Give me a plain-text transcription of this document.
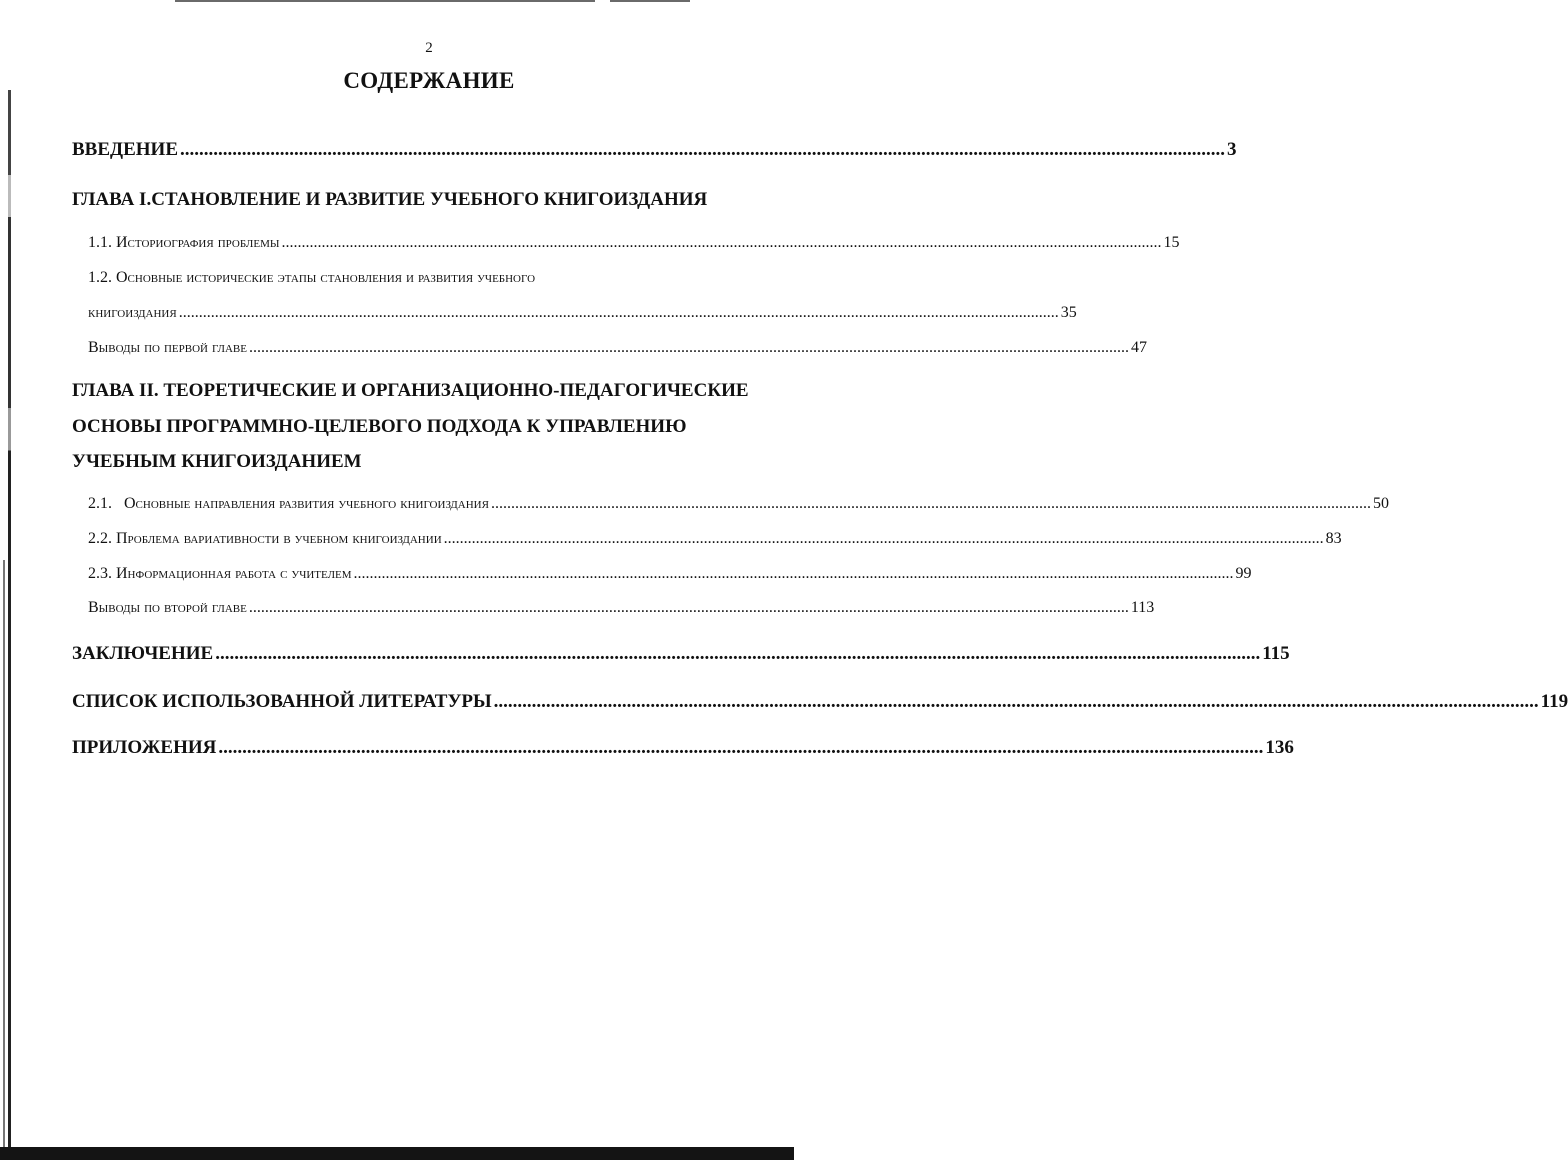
2
СОДЕРЖАНИЕ
ВВЕДЕНИЕ ............................................................................................................................................................................................................................ 3
ГЛАВА I.СТАНОВЛЕНИЕ И РАЗВИТИЕ УЧЕБНОГО КНИГОИЗДАНИЯ
1.1. Историография проблемы ............................................................................................................................................................................................................................ 15
1.2. Основные исторические этапы становления и развития учебного
книгоиздания ............................................................................................................................................................................................................................ 35
Выводы по первой главе ............................................................................................................................................................................................................................ 47
ГЛАВА II. ТЕОРЕТИЧЕСКИЕ И ОРГАНИЗАЦИОННО-ПЕДАГОГИЧЕСКИЕ
ОСНОВЫ ПРОГРАММНО-ЦЕЛЕВОГО ПОДХОДА К УПРАВЛЕНИЮ
УЧЕБНЫМ КНИГОИЗДАНИЕМ
2.1.   Основные направления развития учебного книгоиздания ............................................................................................................................................................................................................................ 50
2.2. Проблема вариативности в учебном книгоиздании ............................................................................................................................................................................................................................ 83
2.3. Информационная работа с учителем ............................................................................................................................................................................................................................ 99
Выводы по второй главе ............................................................................................................................................................................................................................ 113
ЗАКЛЮЧЕНИЕ ............................................................................................................................................................................................................................ 115
СПИСОК ИСПОЛЬЗОВАННОЙ ЛИТЕРАТУРЫ ............................................................................................................................................................................................................................ 119
ПРИЛОЖЕНИЯ ............................................................................................................................................................................................................................ 136
